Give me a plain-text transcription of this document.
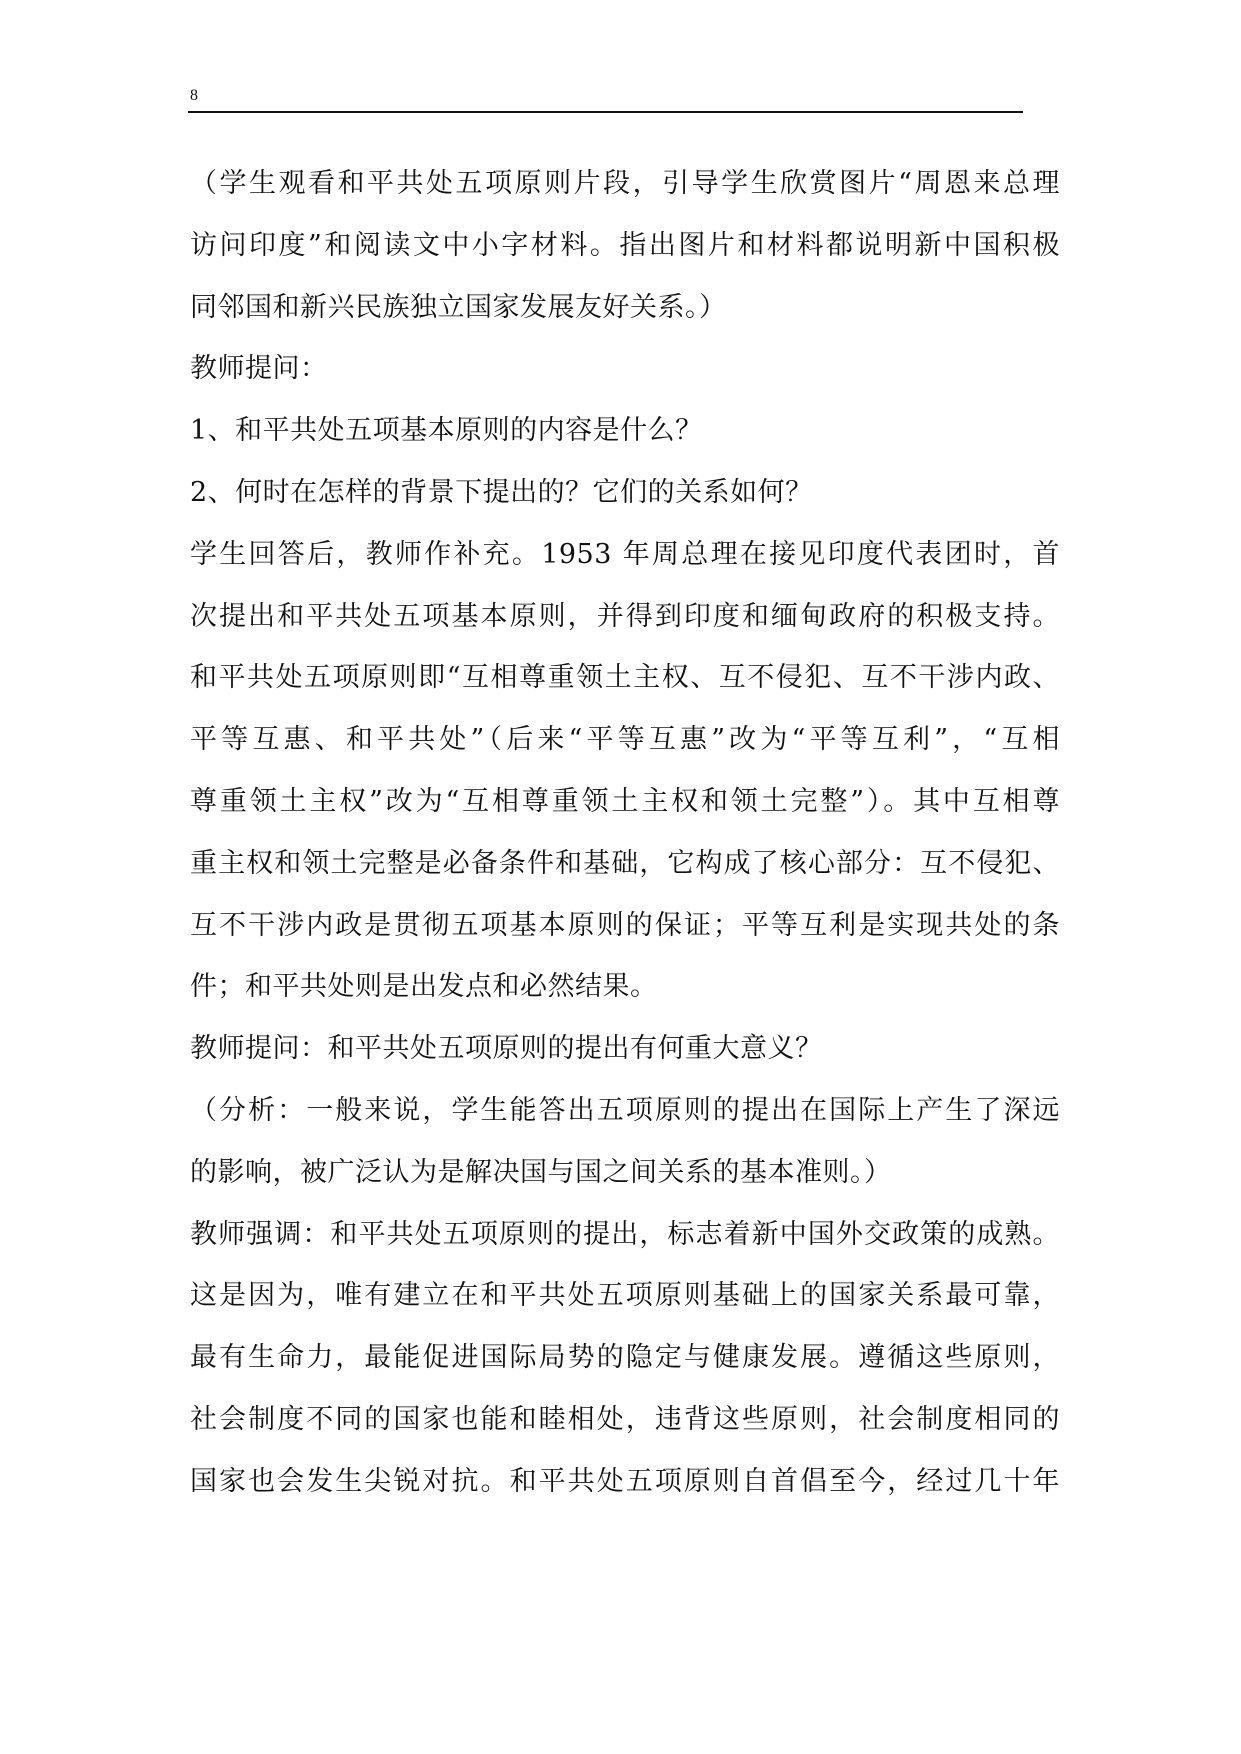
8
（学生观看和平共处五项原则片段，引导学生欣赏图片“周恩来总理
访问印度”和阅读文中小字材料。指出图片和材料都说明新中国积极
同邻国和新兴民族独立国家发展友好关系。）
教师提问：
1、和平共处五项基本原则的内容是什么？
2、何时在怎样的背景下提出的？它们的关系如何？
学生回答后，教师作补充。1953 年周总理在接见印度代表团时，首
次提出和平共处五项基本原则，并得到印度和缅甸政府的积极支持。
和平共处五项原则即“互相尊重领土主权、互不侵犯、互不干涉内政、
平等互惠、和平共处”（后来“平等互惠”改为“平等互利”，“互相
尊重领土主权”改为“互相尊重领土主权和领土完整”）。其中互相尊
重主权和领土完整是必备条件和基础，它构成了核心部分：互不侵犯、
互不干涉内政是贯彻五项基本原则的保证；平等互利是实现共处的条
件；和平共处则是出发点和必然结果。
教师提问：和平共处五项原则的提出有何重大意义？
（分析：一般来说，学生能答出五项原则的提出在国际上产生了深远
的影响，被广泛认为是解决国与国之间关系的基本准则。）
教师强调：和平共处五项原则的提出，标志着新中国外交政策的成熟。
这是因为，唯有建立在和平共处五项原则基础上的国家关系最可靠，
最有生命力，最能促进国际局势的隐定与健康发展。遵循这些原则，
社会制度不同的国家也能和睦相处，违背这些原则，社会制度相同的
国家也会发生尖锐对抗。和平共处五项原则自首倡至今，经过几十年
